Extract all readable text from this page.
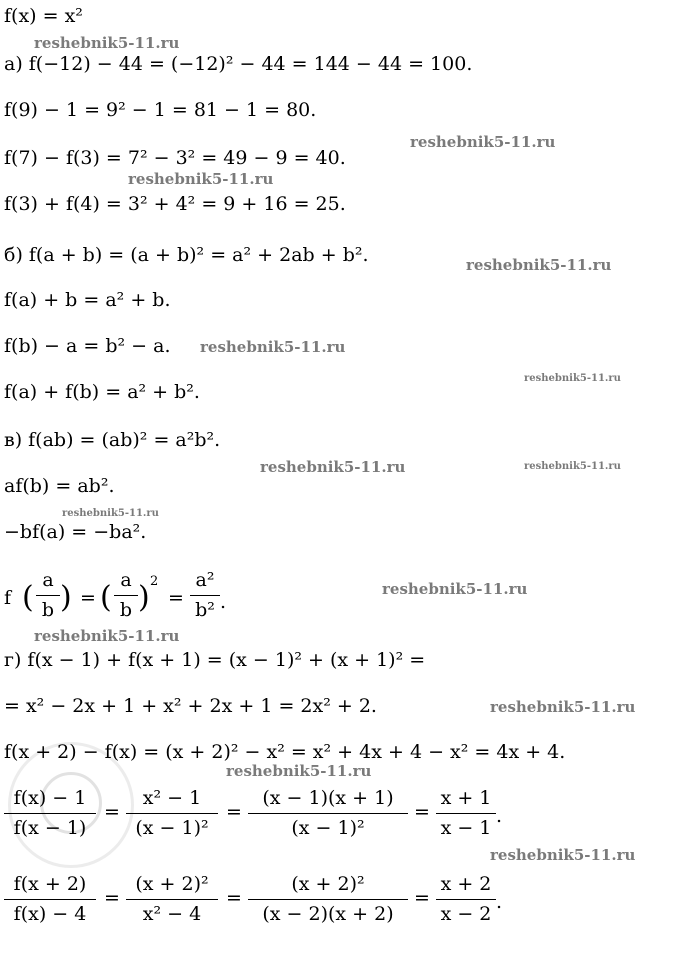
f(x) = x²

а) f(−12) − 44 = (−12)² − 44 = 144 − 44 = 100.

f(9) − 1 = 9² − 1 = 81 − 1 = 80.

f(7) − f(3) = 7² − 3² = 49 − 9 = 40.

f(3) + f(4) = 3² + 4² = 9 + 16 = 25.

б) f(a + b) = (a + b)² = a² + 2ab + b².

f(a) + b = a² + b.

f(b) − a = b² − a.

f(a) + f(b) = a² + b².

в) f(ab) = (ab)² = a²b².

af(b) = ab².

−bf(a) = −ba².

f ( a
b ) = ( a
b ) 2
=
a²
b² .

г) f(x − 1) + f(x + 1) = (x − 1)² + (x + 1)² =

= x² − 2x + 1 + x² + 2x + 1 = 2x² + 2.

f(x + 2) − f(x) = (x + 2)² − x² = x² + 4x + 4 − x² = 4x + 4.

f(x) − 1
f(x − 1)
=
x² − 1
(x − 1)²
=
(x − 1)(x + 1)
(x − 1)²
=
x + 1
x − 1
.
f(x + 2)
f(x) − 4
=
(x + 2)²
x² − 4
=
(x + 2)²
(x − 2)(x + 2)
=
x + 2
x − 2
.
reshebnik5-11.ru
reshebnik5-11.ru
reshebnik5-11.ru
reshebnik5-11.ru
reshebnik5-11.ru
reshebnik5-11.ru
reshebnik5-11.ru	reshebnik5-11.ru
reshebnik5-11.ru
reshebnik5-11.ru
reshebnik5-11.ru
reshebnik5-11.ru
reshebnik5-11.ru
reshebnik5-11.ru
